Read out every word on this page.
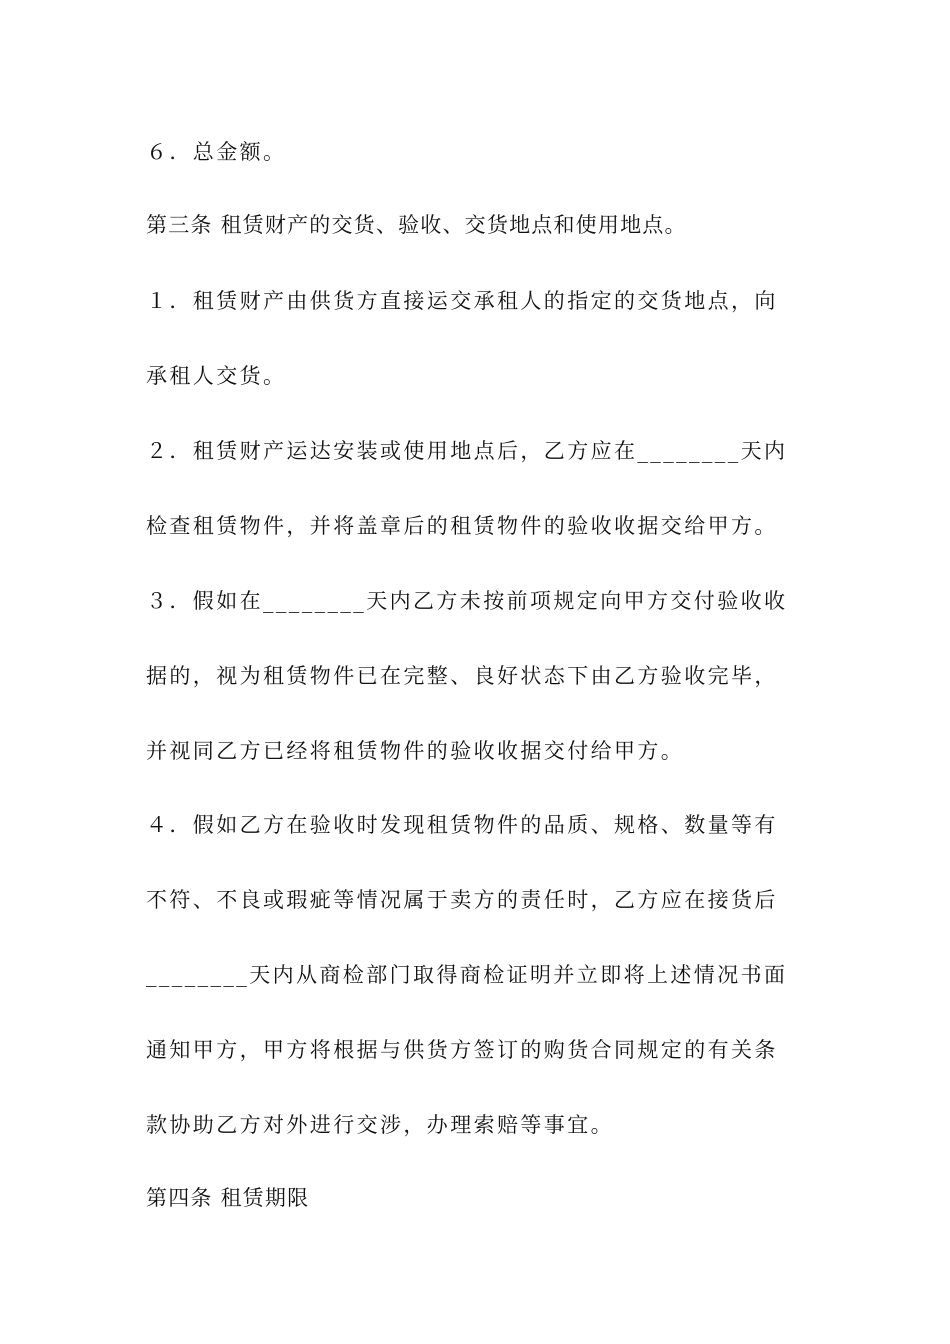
６．总金额。
第三条 租赁财产的交货、验收、交货地点和使用地点。
１．租赁财产由供货方直接运交承租人的指定的交货地点，向
承租人交货。
２．租赁财产运达安装或使用地点后，乙方应在________天内
检查租赁物件，并将盖章后的租赁物件的验收收据交给甲方。
３．假如在________天内乙方未按前项规定向甲方交付验收收
据的，视为租赁物件已在完整、良好状态下由乙方验收完毕，
并视同乙方已经将租赁物件的验收收据交付给甲方。
４．假如乙方在验收时发现租赁物件的品质、规格、数量等有
不符、不良或瑕疵等情况属于卖方的责任时，乙方应在接货后
________天内从商检部门取得商检证明并立即将上述情况书面
通知甲方，甲方将根据与供货方签订的购货合同规定的有关条
款协助乙方对外进行交涉，办理索赔等事宜。
第四条 租赁期限
